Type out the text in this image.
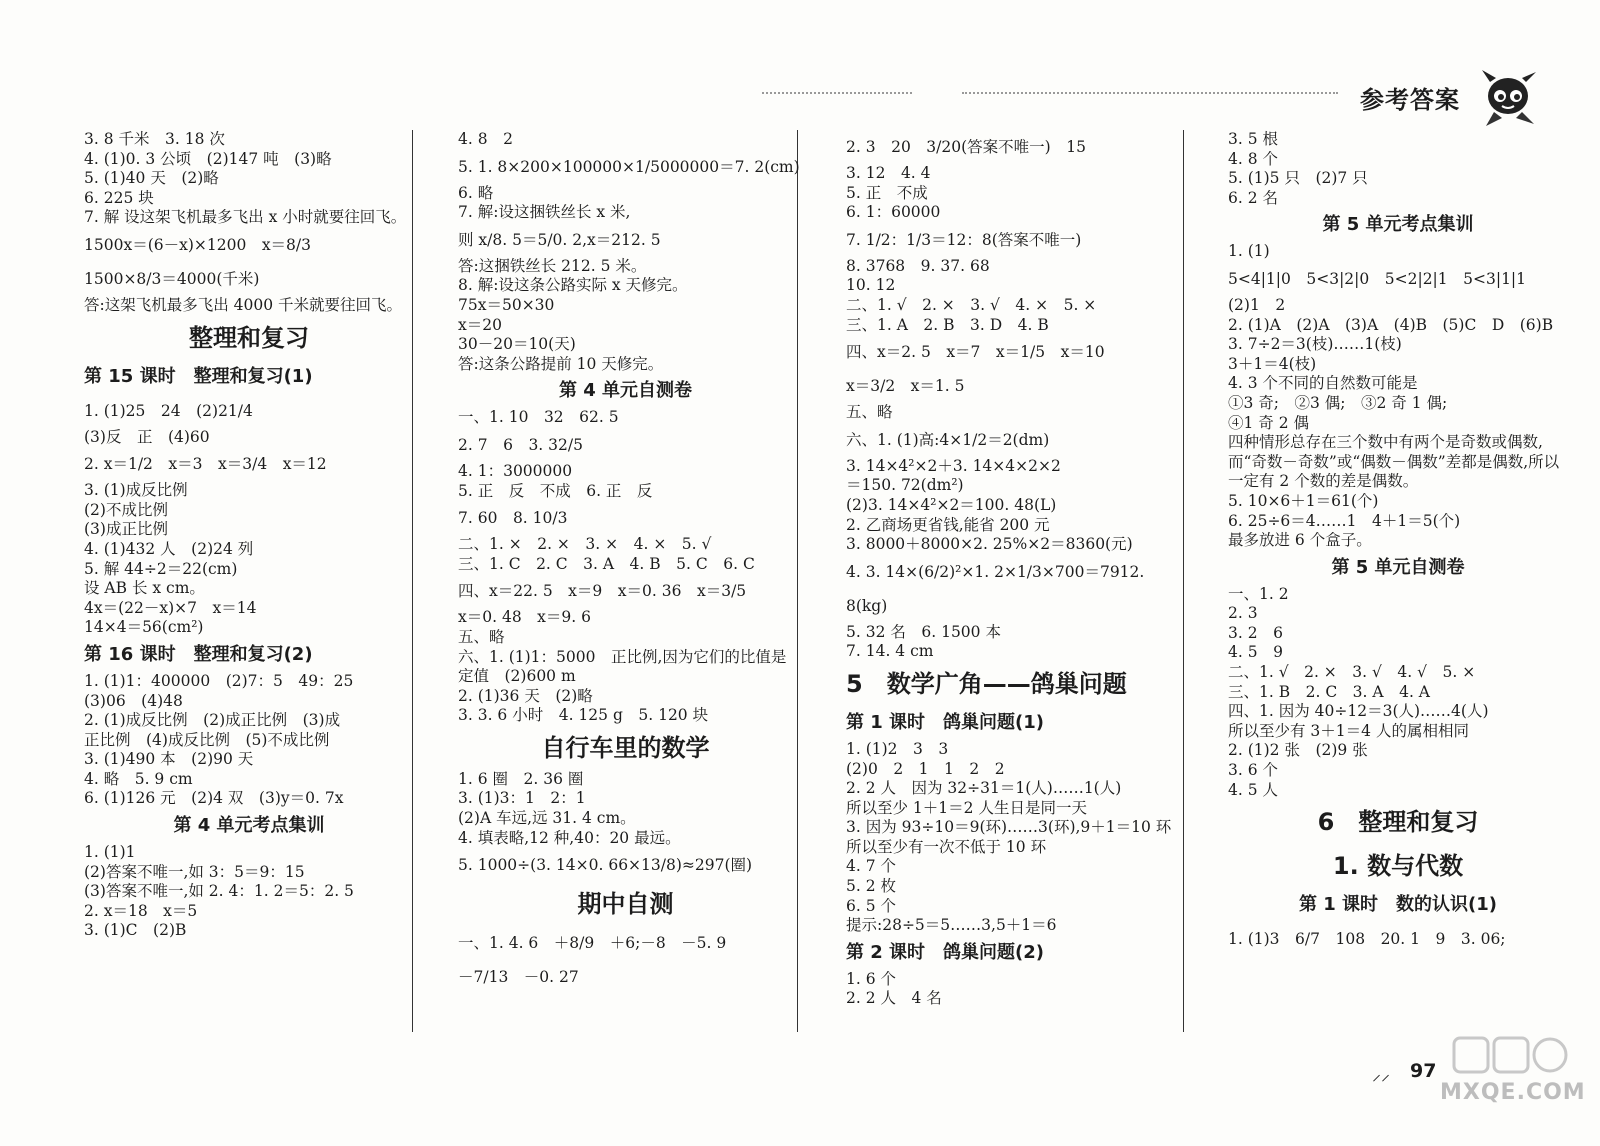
参考答案

3. 8 千米　3. 18 次

4. (1)0. 3 公顷　(2)147 吨　(3)略

5. (1)40 天　(2)略

6. 225 块

7. 解 设这架飞机最多飞出 x 小时就要往回飞。

1500x＝(6－x)×1200　x＝8/3

1500×8/3＝4000(千米)

答:这架飞机最多飞出 4000 千米就要往回飞。

整理和复习

第 15 课时　整理和复习(1)

1. (1)25　24　(2)21/4

(3)反　正　(4)60

2. x＝1/2　x＝3　x＝3/4　x＝12

3. (1)成反比例

(2)不成比例

(3)成正比例

4. (1)432 人　(2)24 列

5. 解 44÷2＝22(cm)

设 AB 长 x cm。

4x＝(22－x)×7　x＝14

14×4＝56(cm²)

第 16 课时　整理和复习(2)

1. (1)1：400000　(2)7：5　49：25

(3)06　(4)48

2. (1)成反比例　(2)成正比例　(3)成

正比例　(4)成反比例　(5)不成比例

3. (1)490 本　(2)90 天

4. 略　5. 9 cm

6. (1)126 元　(2)4 双　(3)y＝0. 7x

第 4 单元考点集训

1. (1)1

(2)答案不唯一,如 3：5＝9：15

(3)答案不唯一,如 2. 4：1. 2＝5：2. 5

2. x＝18　x＝5

3. (1)C　(2)B

4. 8　2

5. 1. 8×200×100000×1/5000000＝7. 2(cm)

6. 略

7. 解:设这捆铁丝长 x 米,

则 x/8. 5＝5/0. 2,x＝212. 5

答:这捆铁丝长 212. 5 米。

8. 解:设这条公路实际 x 天修完。

75x＝50×30

x＝20

30－20＝10(天)

答:这条公路提前 10 天修完。

第 4 单元自测卷

一、1. 10　32　62. 5

2. 7　6　3. 32/5

4. 1：3000000

5. 正　反　不成　6. 正　反

7. 60　8. 10/3

二、1. ×　2. ×　3. ×　4. ×　5. √

三、1. C　2. C　3. A　4. B　5. C　6. C

四、x＝22. 5　x＝9　x＝0. 36　x＝3/5

x＝0. 48　x＝9. 6

五、略

六、1. (1)1：5000　正比例,因为它们的比值是定值　(2)600 m

2. (1)36 天　(2)略

3. 3. 6 小时　4. 125 g　5. 120 块

自行车里的数学

1. 6 圈　2. 36 圈

3. (1)3：1　2：1

(2)A 车远,远 31. 4 cm。

4. 填表略,12 种,40：20 最远。

5. 1000÷(3. 14×0. 66×13/8)≈297(圈)

期中自测

一、1. 4. 6　＋8/9　＋6;－8　－5. 9

－7/13　－0. 27

2. 3　20　3/20(答案不唯一)　15

3. 12　4. 4

5. 正　不成

6. 1：60000

7. 1/2：1/3＝12：8(答案不唯一)

8. 3768　9. 37. 68

10. 12

二、1. √　2. ×　3. √　4. ×　5. ×

三、1. A　2. B　3. D　4. B

四、x＝2. 5　x＝7　x＝1/5　x＝10

x＝3/2　x＝1. 5

五、略

六、1. (1)高:4×1/2＝2(dm)

3. 14×4²×2＋3. 14×4×2×2

＝150. 72(dm²)

(2)3. 14×4²×2＝100. 48(L)

2. 乙商场更省钱,能省 200 元

3. 8000＋8000×2. 25%×2＝8360(元)

4. 3. 14×(6/2)²×1. 2×1/3×700＝7912. 8(kg)

5. 32 名　6. 1500 本

7. 14. 4 cm

5　数学广角——鸽巢问题

第 1 课时　鸽巢问题(1)

1. (1)2　3　3

(2)0　2　1　1　2　2

2. 2 人　因为 32÷31＝1(人)……1(人)

所以至少 1＋1＝2 人生日是同一天

3. 因为 93÷10＝9(环)……3(环),9＋1＝10 环　所以至少有一次不低于 10 环

4. 7 个

5. 2 枚

6. 5 个

提示:28÷5＝5……3,5＋1＝6

第 2 课时　鸽巢问题(2)

1. 6 个

2. 2 人　4 名

3. 5 根

4. 8 个

5. (1)5 只　(2)7 只

6. 2 名

第 5 单元考点集训

1. (1)

5<4|1|0　5<3|2|0　5<2|2|1　5<3|1|1

(2)1　2

2. (1)A　(2)A　(3)A　(4)B　(5)C　D　(6)B

3. 7÷2＝3(枝)……1(枝)

3＋1＝4(枝)

4. 3 个不同的自然数可能是

①3 奇;　②3 偶;　③2 奇 1 偶;

④1 奇 2 偶

四种情形总存在三个数中有两个是奇数或偶数,而“奇数－奇数”或“偶数－偶数”差都是偶数,所以一定有 2 个数的差是偶数。

5. 10×6＋1＝61(个)

6. 25÷6＝4……1　4＋1＝5(个)

最多放进 6 个盒子。

第 5 单元自测卷

一、1. 2

2. 3

3. 2　6

4. 5　9

二、1. √　2. ×　3. √　4. √　5. ×

三、1. B　2. C　3. A　4. A

四、1. 因为 40÷12＝3(人)……4(人)

所以至少有 3＋1＝4 人的属相相同

2. (1)2 张　(2)9 张

3. 6 个

4. 5 人

6　整理和复习

1. 数与代数

第 1 课时　数的认识(1)

1. (1)3　6/7　108　20. 1　9　3. 06;

⸝⸝ 97
MXQE.COM
